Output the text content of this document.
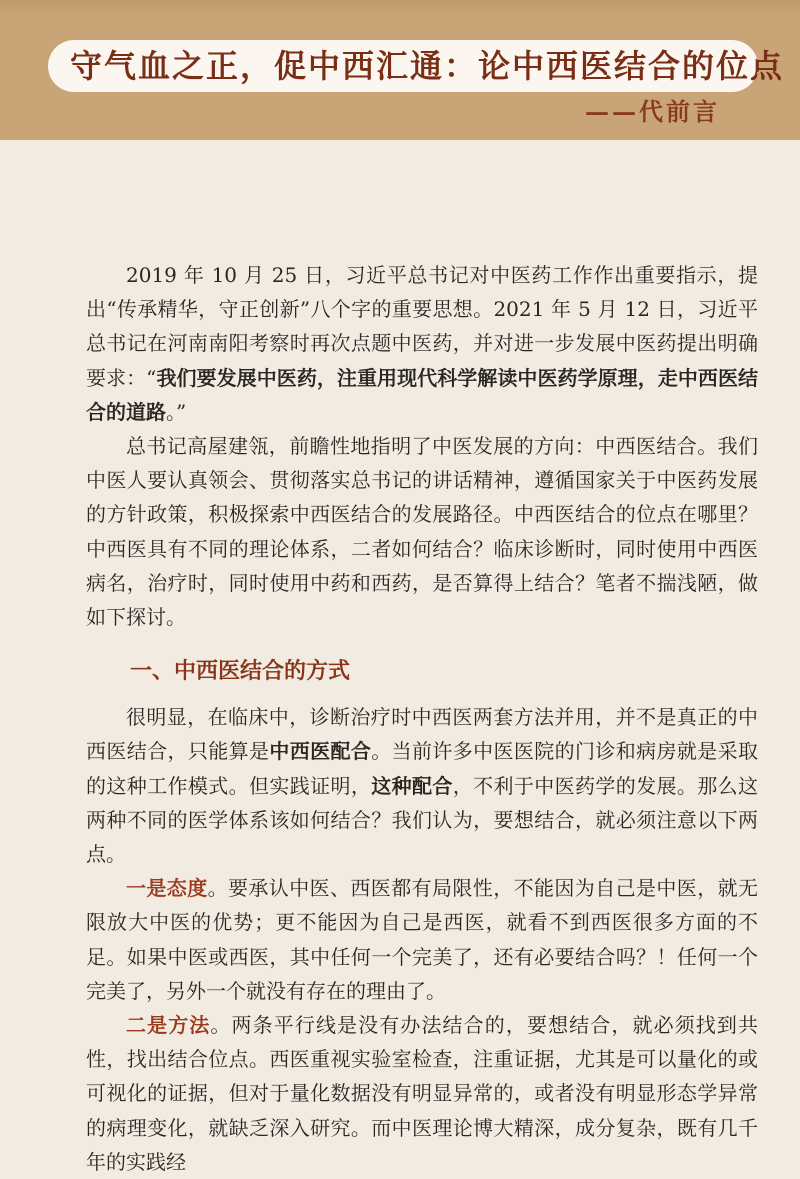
守气血之正，促中西汇通：论中西医结合的位点
——代前言

2019 年 10 月 25 日，习近平总书记对中医药工作作出重要指示，提出“传承精华，守正创新”八个字的重要思想。2021 年 5 月 12 日，习近平总书记在河南南阳考察时再次点题中医药，并对进一步发展中医药提出明确要求：“我们要发展中医药，注重用现代科学解读中医药学原理，走中西医结合的道路。”

总书记高屋建瓴，前瞻性地指明了中医发展的方向：中西医结合。我们中医人要认真领会、贯彻落实总书记的讲话精神，遵循国家关于中医药发展的方针政策，积极探索中西医结合的发展路径。中西医结合的位点在哪里？中西医具有不同的理论体系，二者如何结合？临床诊断时，同时使用中西医病名，治疗时，同时使用中药和西药，是否算得上结合？笔者不揣浅陋，做如下探讨。

一、中西医结合的方式

很明显，在临床中，诊断治疗时中西医两套方法并用，并不是真正的中西医结合，只能算是中西医配合。当前许多中医医院的门诊和病房就是采取的这种工作模式。但实践证明，这种配合，不利于中医药学的发展。那么这两种不同的医学体系该如何结合？我们认为，要想结合，就必须注意以下两点。

一是态度。要承认中医、西医都有局限性，不能因为自己是中医，就无限放大中医的优势；更不能因为自己是西医，就看不到西医很多方面的不足。如果中医或西医，其中任何一个完美了，还有必要结合吗？！任何一个完美了，另外一个就没有存在的理由了。

二是方法。两条平行线是没有办法结合的，要想结合，就必须找到共性，找出结合位点。西医重视实验室检查，注重证据，尤其是可以量化的或可视化的证据，但对于量化数据没有明显异常的，或者没有明显形态学异常的病理变化，就缺乏深入研究。而中医理论博大精深，成分复杂，既有几千年的实践经
